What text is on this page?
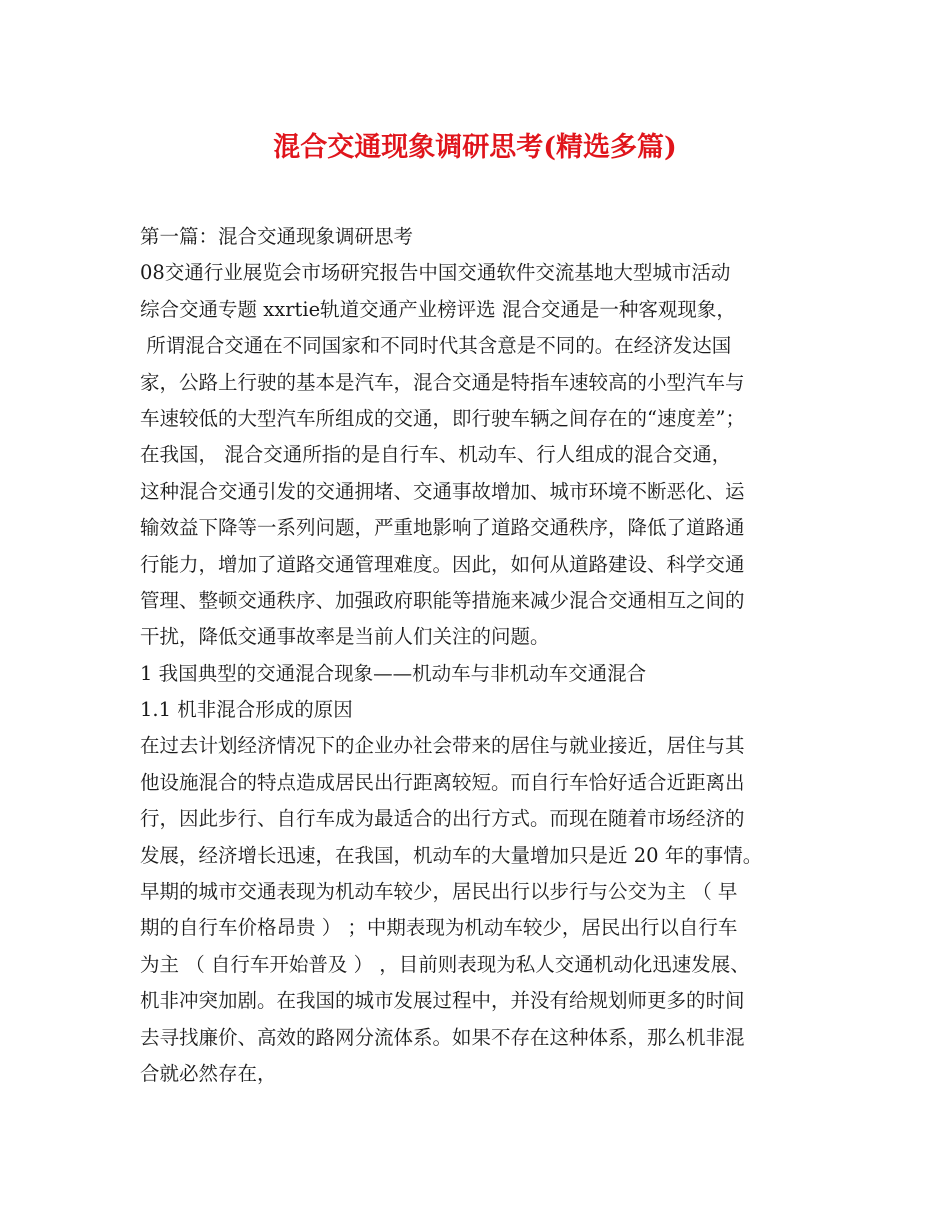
混合交通现象调研思考(精选多篇)
第一篇：混合交通现象调研思考
08交通行业展览会市场研究报告中国交通软件交流基地大型城市活动
综合交通专题 xxrtie轨道交通产业榜评选 混合交通是一种客观现象，
所谓混合交通在不同国家和不同时代其含意是不同的。在经济发达国
家，公路上行驶的基本是汽车，混合交通是特指车速较高的小型汽车与
车速较低的大型汽车所组成的交通，即行驶车辆之间存在的“速度差”；
在我国， 混合交通所指的是自行车、机动车、行人组成的混合交通，
这种混合交通引发的交通拥堵、交通事故增加、城市环境不断恶化、运
输效益下降等一系列问题，严重地影响了道路交通秩序，降低了道路通
行能力，增加了道路交通管理难度。因此，如何从道路建设、科学交通
管理、整顿交通秩序、加强政府职能等措施来减少混合交通相互之间的
干扰，降低交通事故率是当前人们关注的问题。
1 我国典型的交通混合现象——机动车与非机动车交通混合
1.1 机非混合形成的原因
在过去计划经济情况下的企业办社会带来的居住与就业接近，居住与其
他设施混合的特点造成居民出行距离较短。而自行车恰好适合近距离出
行，因此步行、自行车成为最适合的出行方式。而现在随着市场经济的
发展，经济增长迅速，在我国，机动车的大量增加只是近 20 年的事情。
早期的城市交通表现为机动车较少，居民出行以步行与公交为主 （ 早
期的自行车价格昂贵 ） ；中期表现为机动车较少，居民出行以自行车
为主 （ 自行车开始普及 ） ，目前则表现为私人交通机动化迅速发展、
机非冲突加剧。在我国的城市发展过程中，并没有给规划师更多的时间
去寻找廉价、高效的路网分流体系。如果不存在这种体系，那么机非混
合就必然存在，
